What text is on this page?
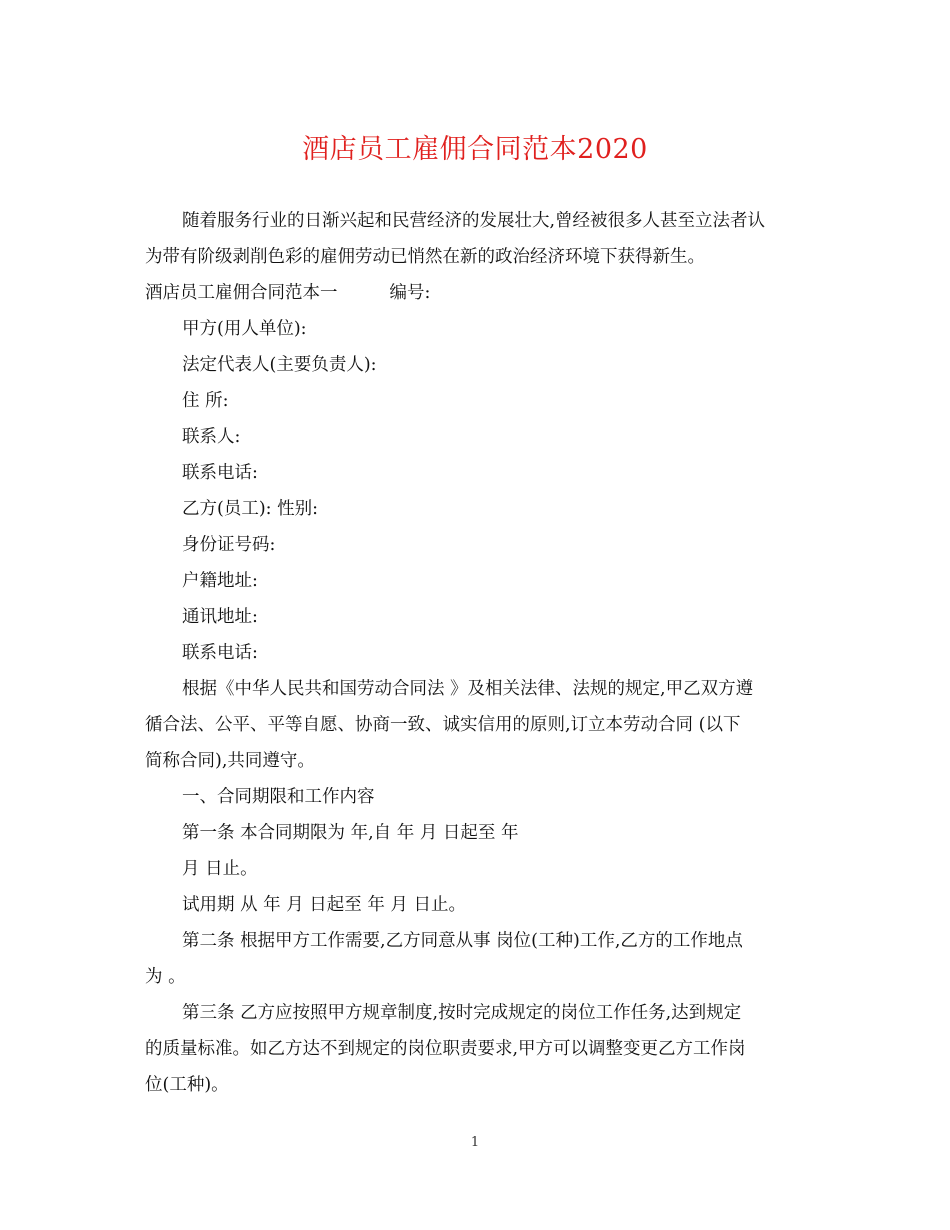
酒店员工雇佣合同范本2020

随着服务行业的日渐兴起和民营经济的发展壮大,曾经被很多人甚至立法者认

为带有阶级剥削色彩的雇佣劳动已悄然在新的政治经济环境下获得新生。

酒店员工雇佣合同范本一	编号:

甲方(用人单位):

法定代表人(主要负责人):

住 所:

联系人:

联系电话:

乙方(员工): 性别:

身份证号码:

户籍地址:

通讯地址:

联系电话:

根据《中华人民共和国劳动合同法 》及相关法律、法规的规定,甲乙双方遵

循合法、公平、平等自愿、协商一致、诚实信用的原则,订立本劳动合同 (以下

简称合同),共同遵守。

一、合同期限和工作内容

第一条 本合同期限为 年,自 年 月 日起至 年

月 日止。

试用期 从 年 月 日起至 年 月 日止。

第二条 根据甲方工作需要,乙方同意从事 岗位(工种)工作,乙方的工作地点

为 。

第三条 乙方应按照甲方规章制度,按时完成规定的岗位工作任务,达到规定

的质量标准。如乙方达不到规定的岗位职责要求,甲方可以调整变更乙方工作岗

位(工种)。

1
